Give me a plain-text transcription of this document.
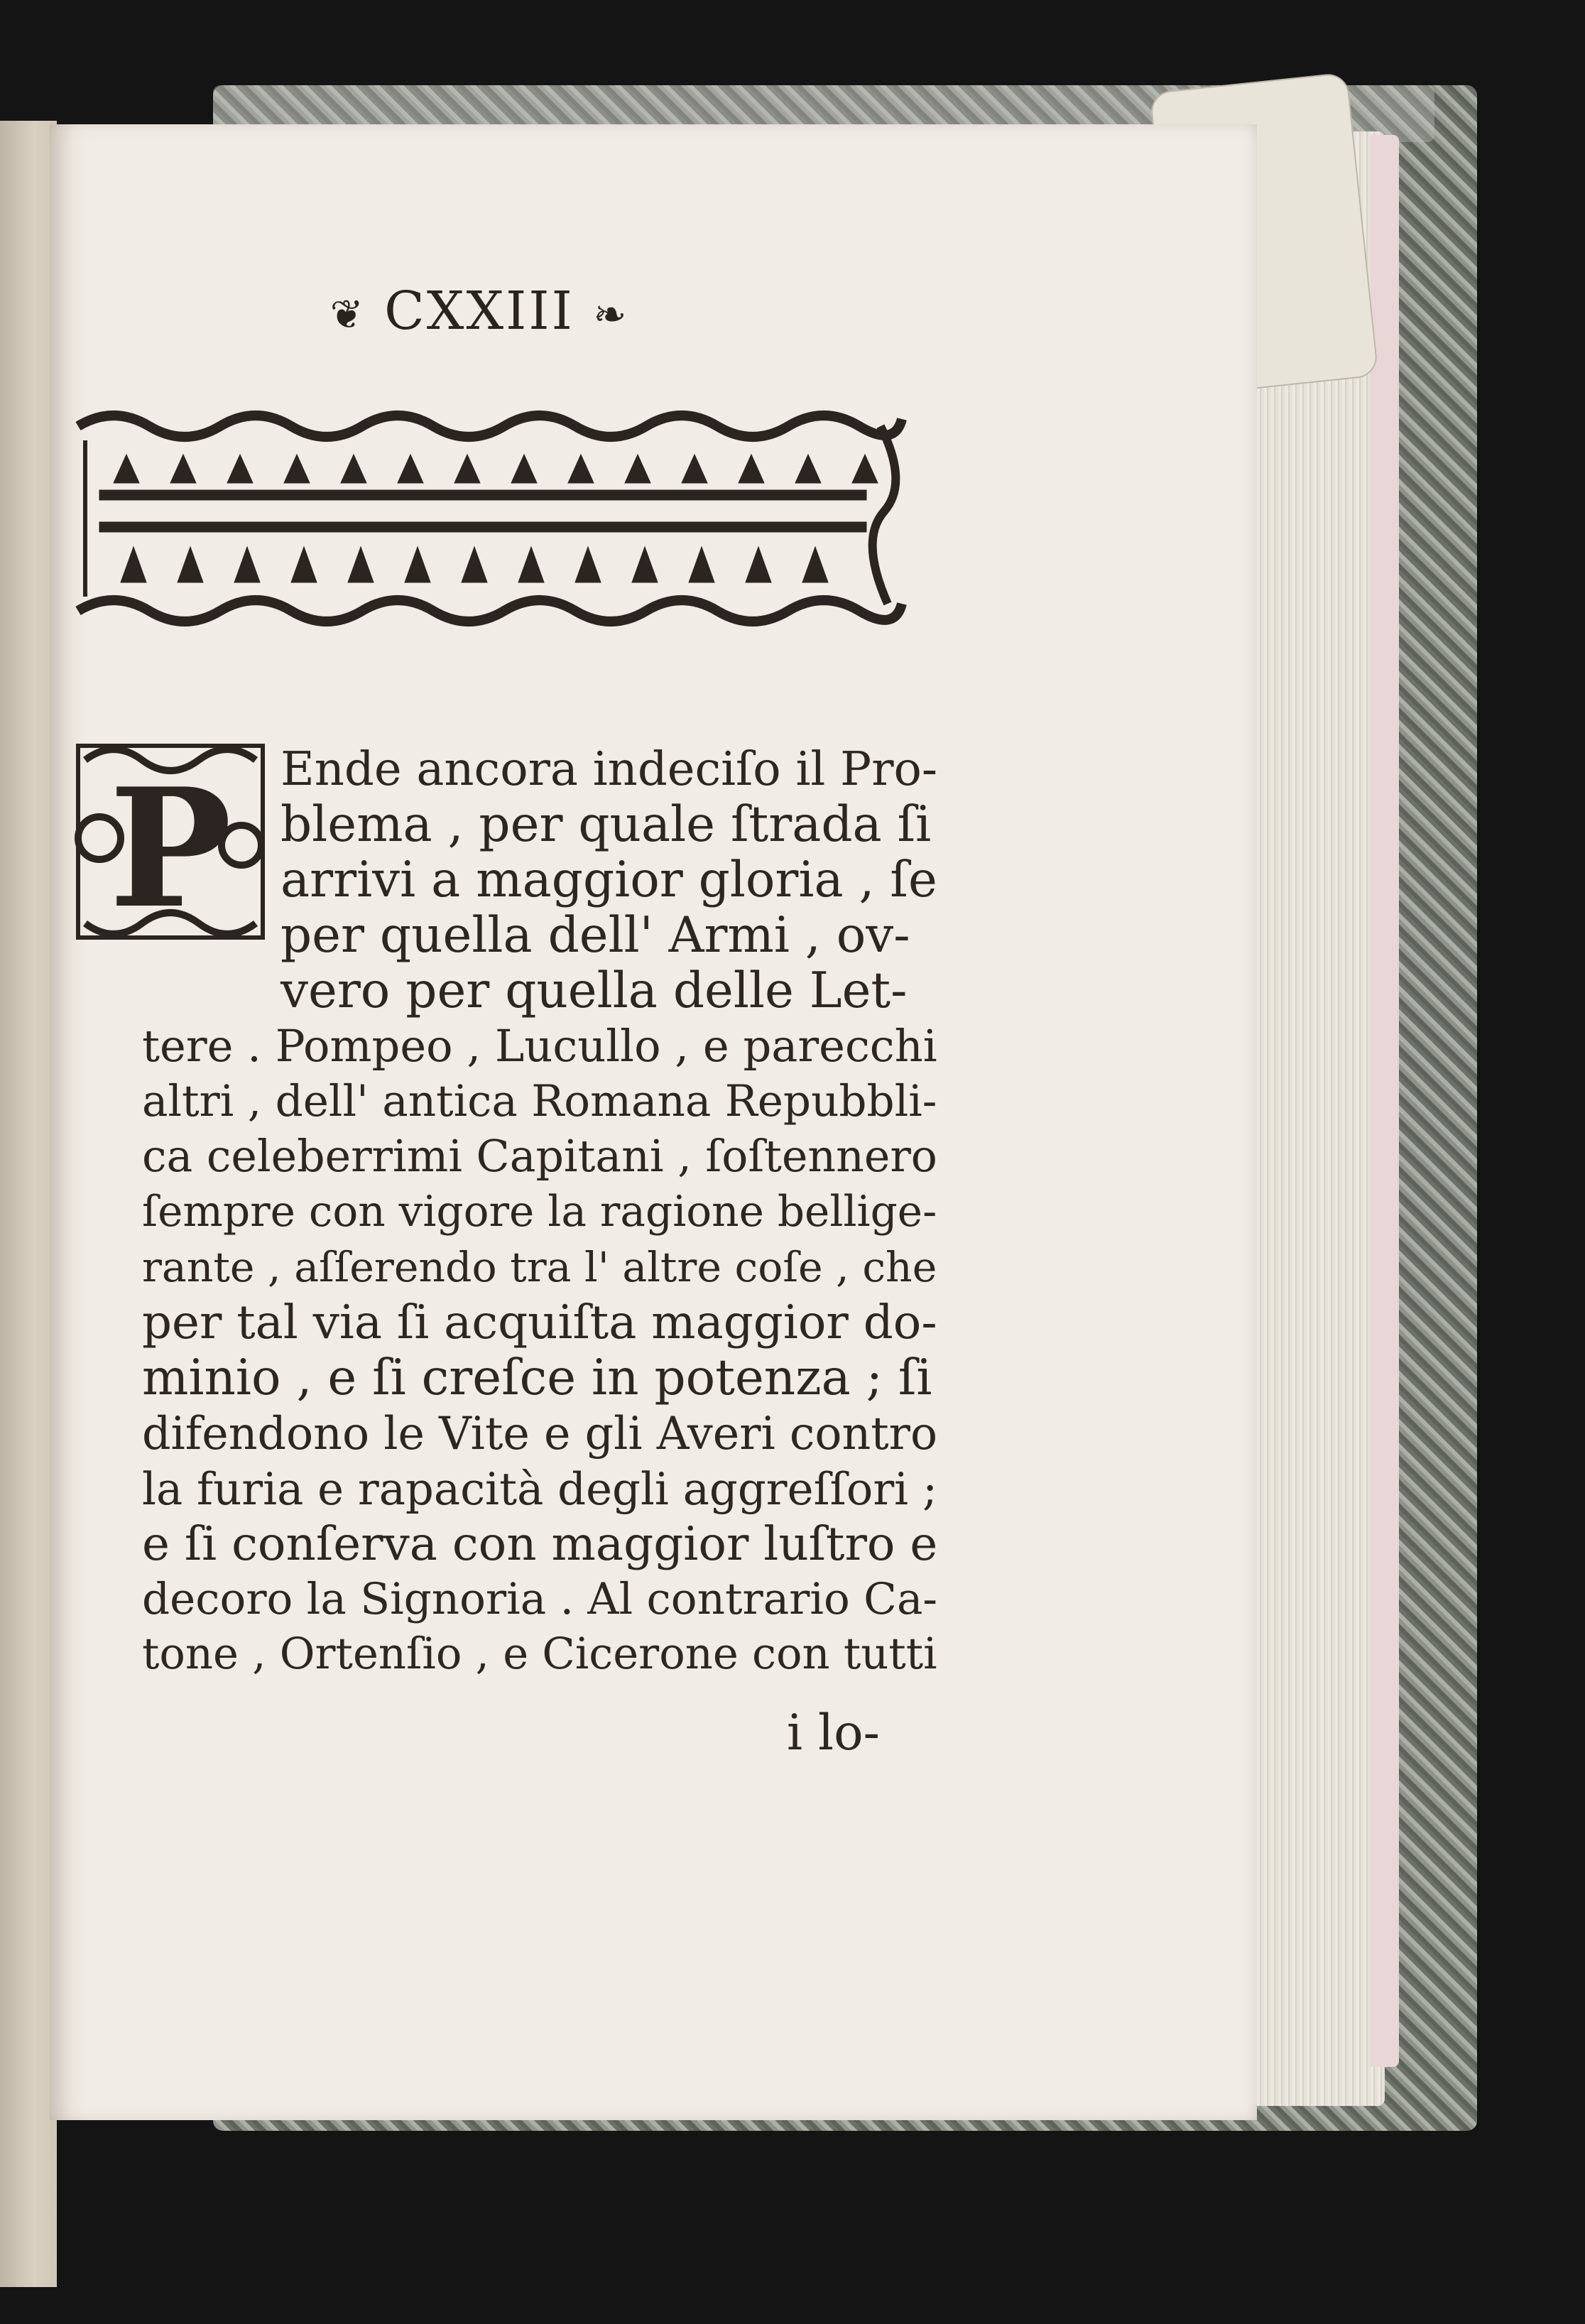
❦ CXXIII ❧
P	Ende ancora indeciſo il Pro-
blema , per quale ſtrada ſi
arrivi a maggior gloria , ſe
per quella dell' Armi , ov-
vero per quella delle Let-
tere . Pompeo , Lucullo , e parecchi
altri , dell' antica Romana Repubbli-
ca celeberrimi Capitani , ſoſtennero
ſempre con vigore la ragione bellige-
rante , aſſerendo tra l' altre coſe , che
per tal via ſi acquiſta maggior do-
minio , e ſi creſce in potenza ; ſi
difendono le Vite e gli Averi contro
la furia e rapacità degli aggreſſori ;
e ſi conſerva con maggior luſtro e
decoro la Signoria . Al contrario Ca-
tone , Ortenſio , e Cicerone con tutti
i lo-
